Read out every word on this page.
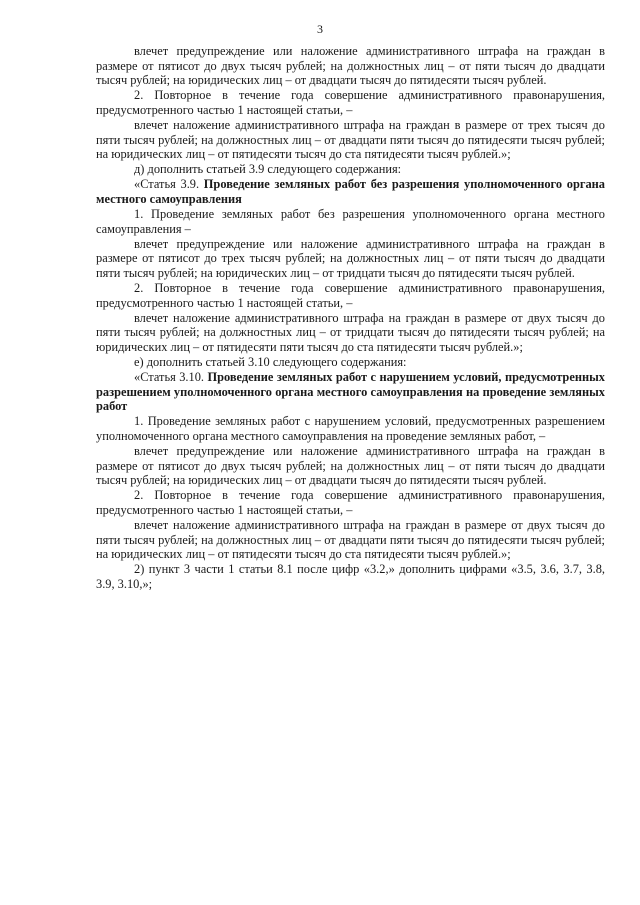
3

влечет предупреждение или наложение административного штрафа на граждан в размере от пятисот до двух тысяч рублей; на должностных лиц – от пяти тысяч до двадцати тысяч рублей; на юридических лиц – от двадцати тысяч до пятидесяти тысяч рублей.

2. Повторное в течение года совершение административного правонарушения, предусмотренного частью 1 настоящей статьи, –

влечет наложение административного штрафа на граждан в размере от трех тысяч до пяти тысяч рублей; на должностных лиц – от двадцати пяти тысяч до пятидесяти тысяч рублей; на юридических лиц – от пятидесяти тысяч до ста пятидесяти тысяч рублей.»;

д) дополнить статьей 3.9 следующего содержания:

«Статья 3.9. Проведение земляных работ без разрешения уполномоченного органа местного самоуправления

1. Проведение земляных работ без разрешения уполномоченного органа местного самоуправления –

влечет предупреждение или наложение административного штрафа на граждан в размере от пятисот до трех тысяч рублей; на должностных лиц – от пяти тысяч до двадцати пяти тысяч рублей; на юридических лиц – от тридцати тысяч до пятидесяти тысяч рублей.

2. Повторное в течение года совершение административного правонарушения, предусмотренного частью 1 настоящей статьи, –

влечет наложение административного штрафа на граждан в размере от двух тысяч до пяти тысяч рублей; на должностных лиц – от тридцати тысяч до пятидесяти тысяч рублей; на юридических лиц – от пятидесяти пяти тысяч до ста пятидесяти тысяч рублей.»;

е) дополнить статьей 3.10 следующего содержания:

«Статья 3.10. Проведение земляных работ с нарушением условий, предусмотренных разрешением уполномоченного органа местного самоуправления на проведение земляных работ

1. Проведение земляных работ с нарушением условий, предусмотренных разрешением уполномоченного органа местного самоуправления на проведение земляных работ, –

влечет предупреждение или наложение административного штрафа на граждан в размере от пятисот до двух тысяч рублей; на должностных лиц – от пяти тысяч до двадцати тысяч рублей; на юридических лиц – от двадцати тысяч до пятидесяти тысяч рублей.

2. Повторное в течение года совершение административного правонарушения, предусмотренного частью 1 настоящей статьи, –

влечет наложение административного штрафа на граждан в размере от двух тысяч до пяти тысяч рублей; на должностных лиц – от двадцати пяти тысяч до пятидесяти тысяч рублей; на юридических лиц – от пятидесяти тысяч до ста пятидесяти тысяч рублей.»;

2) пункт 3 части 1 статьи 8.1 после цифр «3.2,» дополнить цифрами «3.5, 3.6, 3.7, 3.8, 3.9, 3.10,»;
